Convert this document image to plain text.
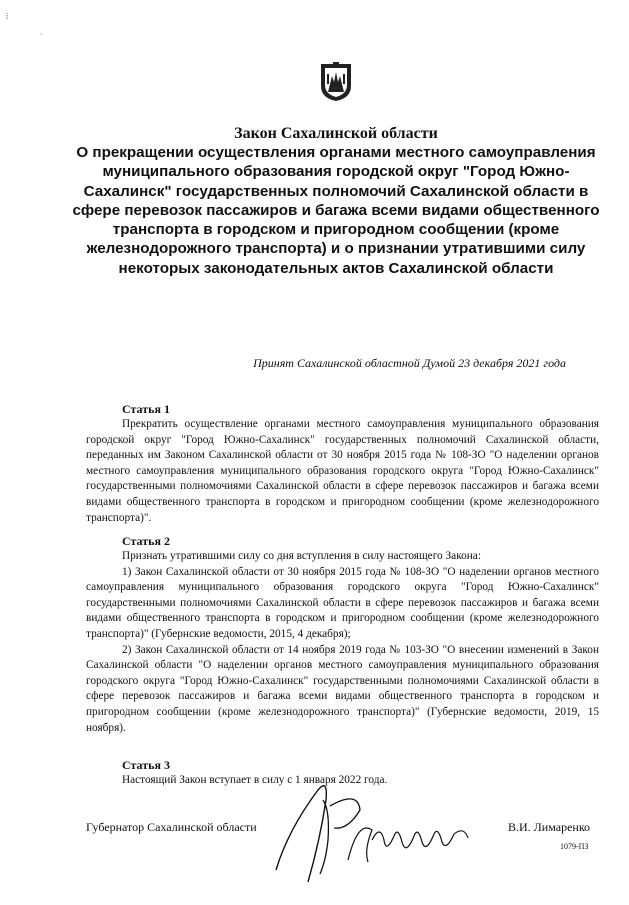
⁞
·
Закон Сахалинской области
О прекращении осуществления органами местного самоуправления муниципального образования городской округ "Город Южно-Сахалинск" государственных полномочий Сахалинской области в сфере перевозок пассажиров и багажа всеми видами общественного транспорта в городском и пригородном сообщении (кроме железнодорожного транспорта) и о признании утратившими силу некоторых законодательных актов Сахалинской области
Принят Сахалинской областной Думой 23 декабря 2021 года
Статья 1
Прекратить осуществление органами местного самоуправления муниципального образования городской округ "Город Южно-Сахалинск" государственных полномочий Сахалинской области, переданных им Законом Сахалинской области от 30 ноября 2015 года № 108-ЗО "О наделении органов местного самоуправления муниципального образования городского округа "Город Южно-Сахалинск" государственными полномочиями Сахалинской области в сфере перевозок пассажиров и багажа всеми видами общественного транспорта в городском и пригородном сообщении (кроме железнодорожного транспорта)".
Статья 2
Признать утратившими силу со дня вступления в силу настоящего Закона:
1) Закон Сахалинской области от 30 ноября 2015 года № 108-ЗО "О наделении органов местного самоуправления муниципального образования городского округа "Город Южно-Сахалинск" государственными полномочиями Сахалинской области в сфере перевозок пассажиров и багажа всеми видами общественного транспорта в городском и пригородном сообщении (кроме железнодорожного транспорта)" (Губернские ведомости, 2015, 4 декабря);
2) Закон Сахалинской области от 14 ноября 2019 года № 103-ЗО "О внесении изменений в Закон Сахалинской области "О наделении органов местного самоуправления муниципального образования городского округа "Город Южно-Сахалинск" государственными полномочиями Сахалинской области в сфере перевозок пассажиров и багажа всеми видами общественного транспорта в городском и пригородном сообщении (кроме железнодорожного транспорта)" (Губернские ведомости, 2019, 15 ноября).
Статья 3
Настоящий Закон вступает в силу с 1 января 2022 года.
Губернатор Сахалинской области	В.И. Лимаренко
1079-ПЗ
